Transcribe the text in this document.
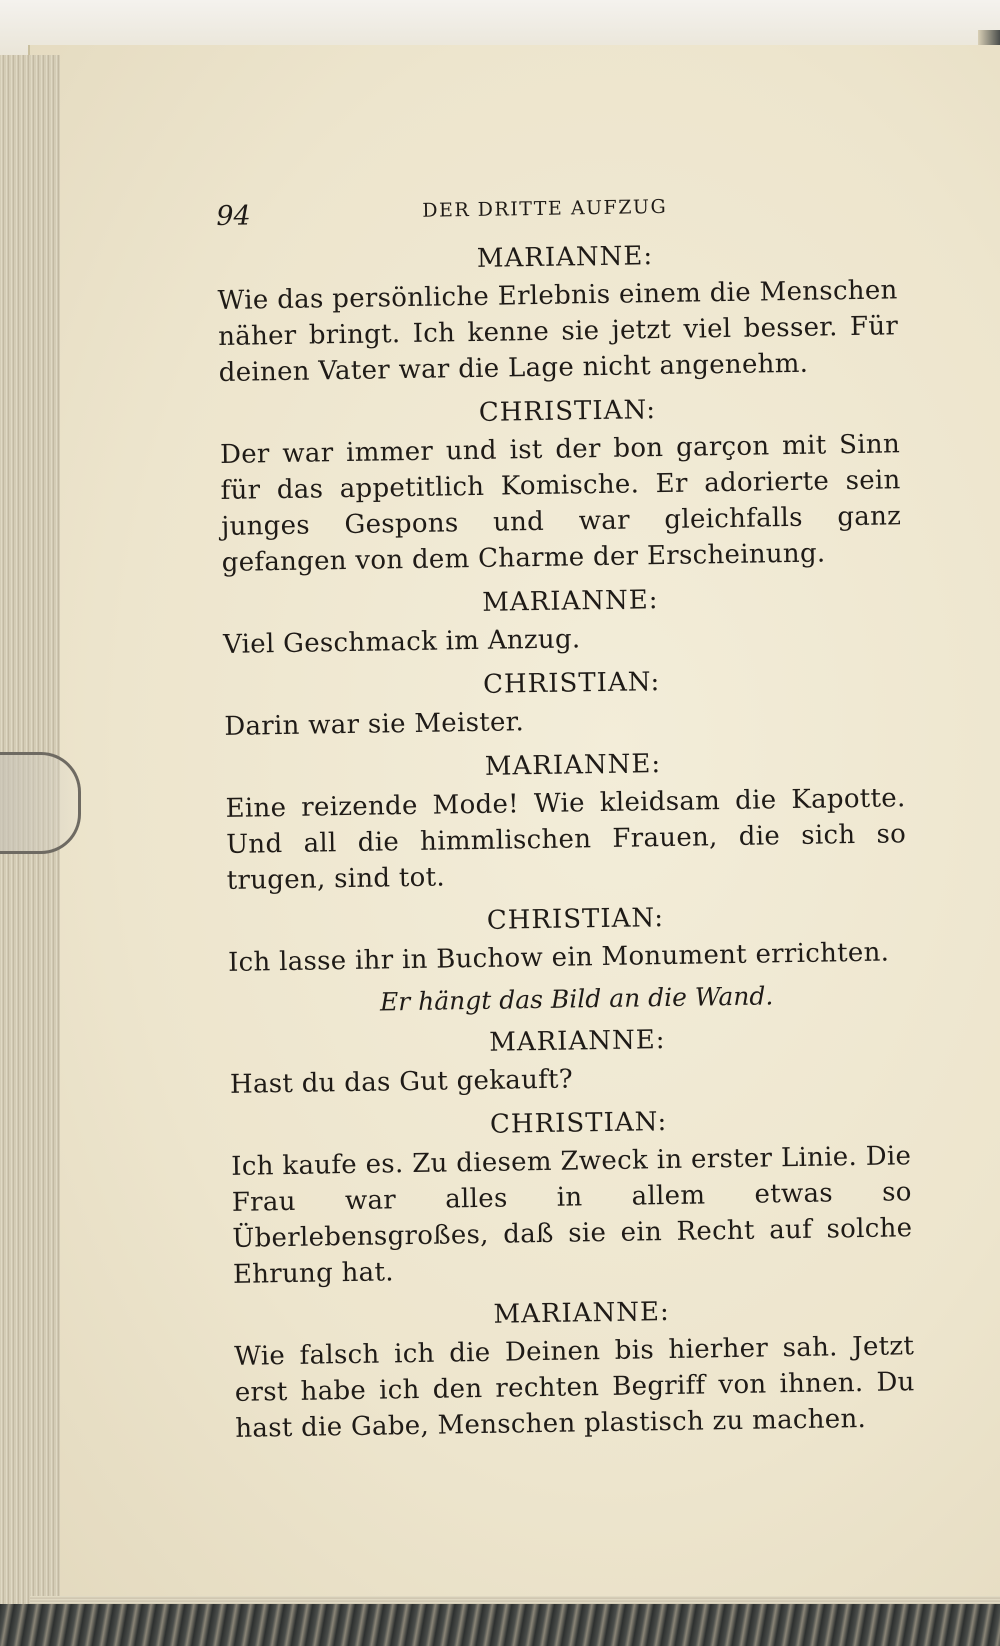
94	DER DRITTE AUFZUG

MARIANNE:

Wie das persönliche Erlebnis einem die Menschen näher bringt. Ich kenne sie jetzt viel besser. Für deinen Vater war die Lage nicht angenehm.

CHRISTIAN:

Der war immer und ist der bon garçon mit Sinn für das appetitlich Komische. Er adorierte sein junges Gespons und war gleichfalls ganz gefangen von dem Charme der Erscheinung.

MARIANNE:

Viel Geschmack im Anzug.

CHRISTIAN:

Darin war sie Meister.

MARIANNE:

Eine reizende Mode! Wie kleidsam die Kapotte. Und all die himmlischen Frauen, die sich so trugen, sind tot.

CHRISTIAN:

Ich lasse ihr in Buchow ein Monument errichten.

Er hängt das Bild an die Wand.

MARIANNE:

Hast du das Gut gekauft?

CHRISTIAN:

Ich kaufe es. Zu diesem Zweck in erster Linie. Die Frau war alles in allem etwas so Überlebensgroßes, daß sie ein Recht auf solche Ehrung hat.

MARIANNE:

Wie falsch ich die Deinen bis hierher sah. Jetzt erst habe ich den rechten Begriff von ihnen. Du hast die Gabe, Menschen plastisch zu machen.
